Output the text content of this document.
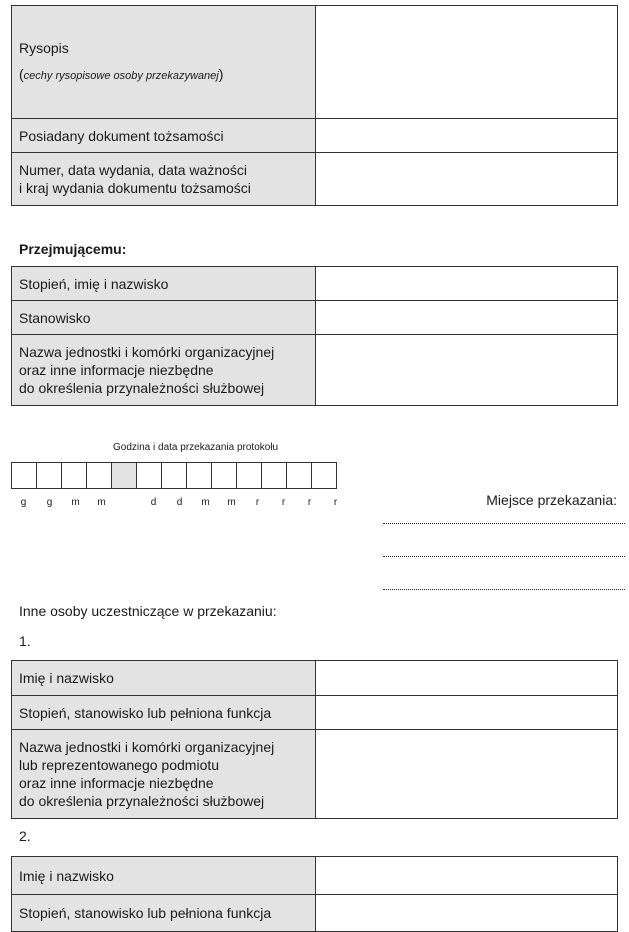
Rysopis
(cechy rysopisowe osoby przekazywanej)	

Posiadany dokument tożsamości	

Numer, data wydania, data ważności
i kraj wydania dokumentu tożsamości	

Przejmującemu:
Stopień, imię i nazwisko	
Stanowisko	

Nazwa jednostki i komórki organizacyjnej
oraz inne informacje niezbędne
do określenia przynależności służbowej	

Godzina i data przekazania protokołu
g	g	m	m	d	d	m	m	r	r	r	r	Miejsce przekazania:
Inne osoby uczestniczące w przekazaniu:
1.
Imię i nazwisko	
Stopień, stanowisko lub pełniona funkcja	

Nazwa jednostki i komórki organizacyjnej
lub reprezentowanego podmiotu
oraz inne informacje niezbędne
do określenia przynależności służbowej	

2.
Imię i nazwisko	
Stopień, stanowisko lub pełniona funkcja	
